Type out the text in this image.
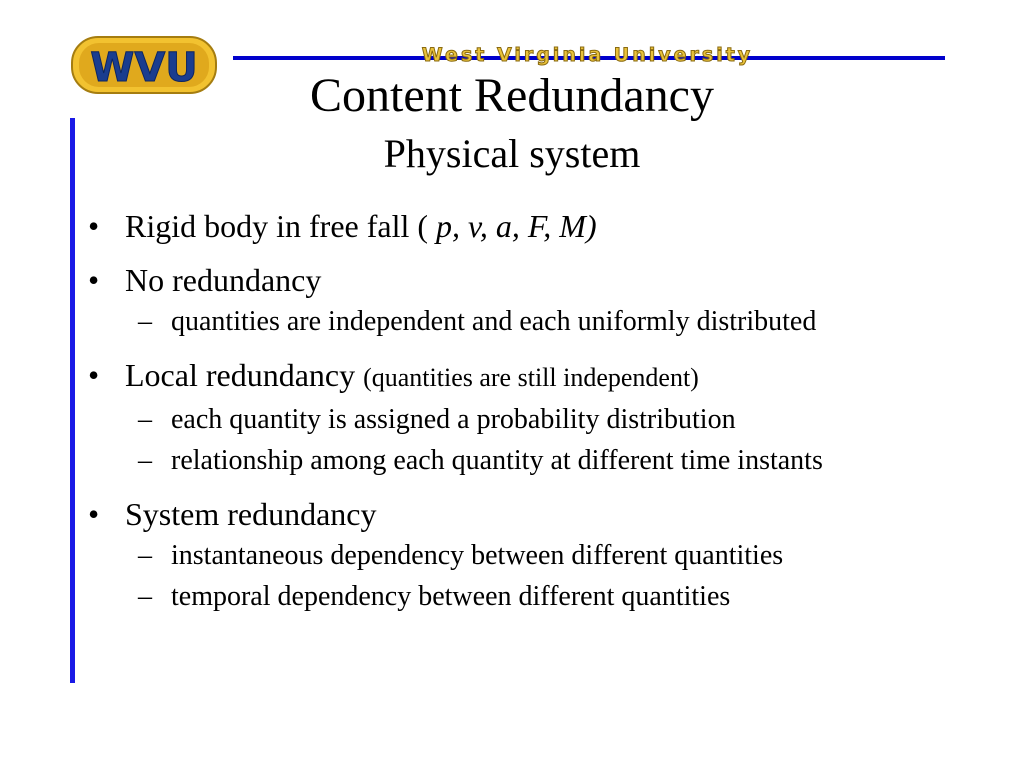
WVU	West Virginia University
Content Redundancy
Physical system
• Rigid body in free fall ( p, v, a, F, M)
• No redundancy
– quantities are independent and each uniformly distributed
• Local redundancy (quantities are still independent)
– each quantity is assigned a probability distribution
– relationship among each quantity at different time instants
• System redundancy
– instantaneous dependency between different quantities
– temporal dependency between different quantities
